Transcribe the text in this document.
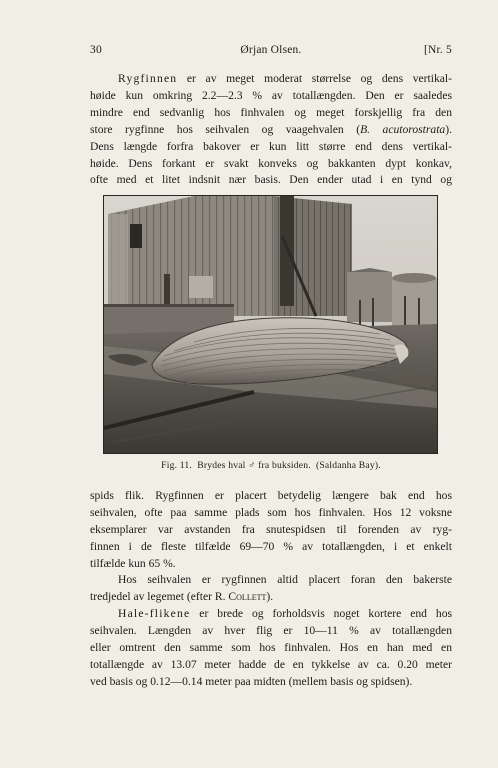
30	Ørjan Olsen.	[Nr. 5
Rygfinnen er av meget moderat størrelse og dens vertikal-
høide kun omkring 2.2—2.3 % av totallængden. Den er saaledes
mindre end sedvanlig hos finhvalen og meget forskjellig fra den
store rygfinne hos seihvalen og vaagehvalen (B. acutorostrata).
Dens længde forfra bakover er kun litt større end dens vertikal-
høide. Dens forkant er svakt konveks og bakkanten dypt konkav,
ofte med et litet indsnit nær basis. Den ender utad i en tynd og
Fig. 11. Brydes hval ♂ fra buksiden. (Saldanha Bay).
spids flik. Rygfinnen er placert betydelig længere bak end hos
seihvalen, ofte paa samme plads som hos finhvalen. Hos 12 voksne
eksemplarer var avstanden fra snutespidsen til forenden av ryg-
finnen i de fleste tilfælde 69—70 % av totallængden, i et enkelt
tilfælde kun 65 %.
Hos seihvalen er rygfinnen altid placert foran den bakerste
tredjedel av legemet (efter R. Collett).
Hale-flikene er brede og forholdsvis noget kortere end hos
seihvalen. Længden av hver flig er 10—11 % av totallængden
eller omtrent den samme som hos finhvalen. Hos en han med en
totallængde av 13.07 meter hadde de en tykkelse av ca. 0.20 meter
ved basis og 0.12—0.14 meter paa midten (mellem basis og spidsen).
